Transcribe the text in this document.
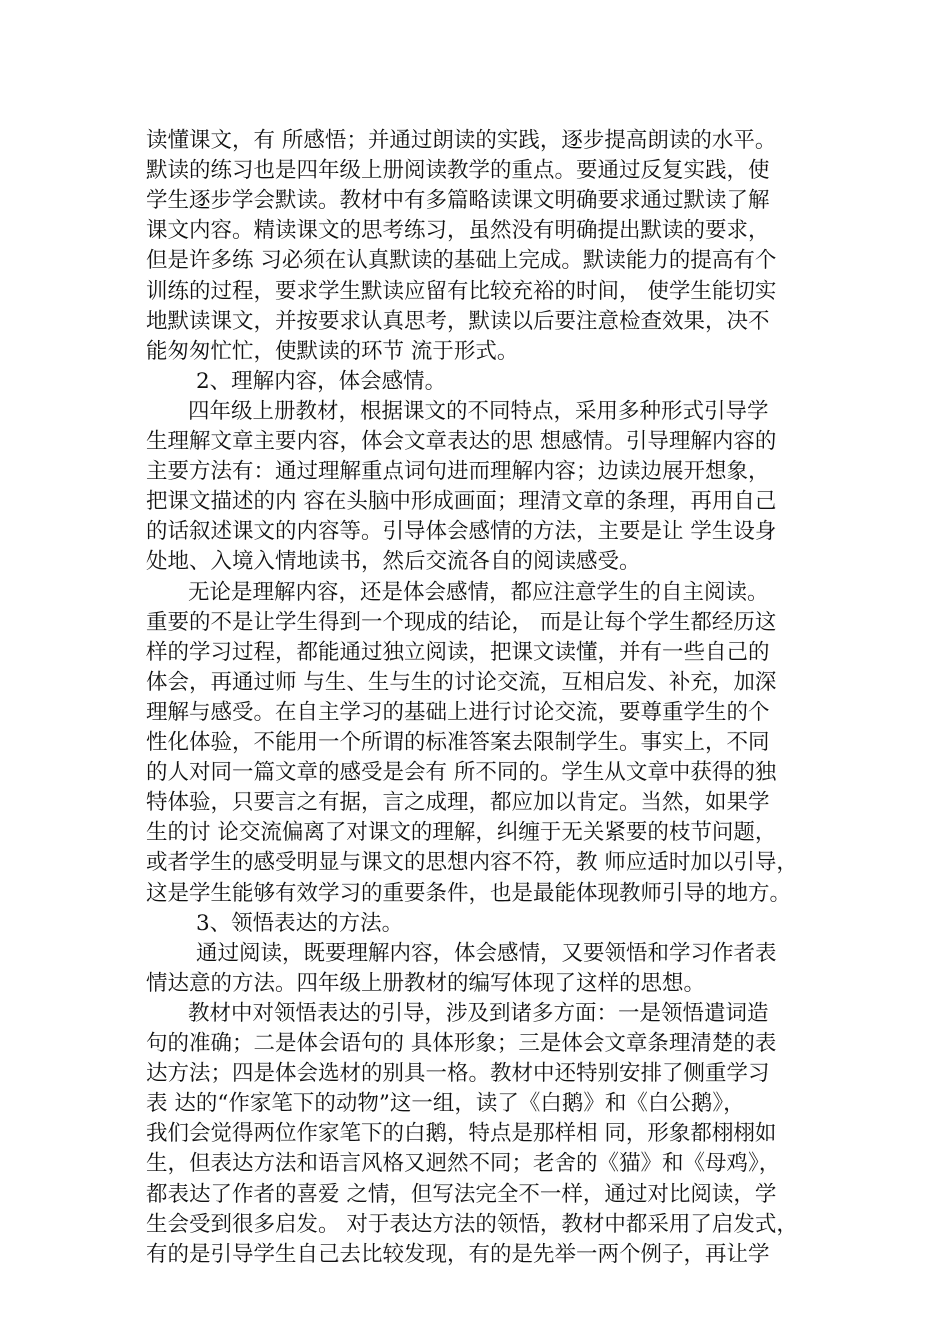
读懂课文，有 所感悟；并通过朗读的实践，逐步提高朗读的水平。
默读的练习也是四年级上册阅读教学的重点。要通过反复实践，使
学生逐步学会默读。教材中有多篇略读课文明确要求通过默读了解
课文内容。精读课文的思考练习，虽然没有明确提出默读的要求，
但是许多练 习必须在认真默读的基础上完成。默读能力的提高有个
训练的过程，要求学生默读应留有比较充裕的时间， 使学生能切实
地默读课文，并按要求认真思考，默读以后要注意检查效果，决不
能匆匆忙忙，使默读的环节 流于形式。
2、理解内容，体会感情。
四年级上册教材，根据课文的不同特点，采用多种形式引导学
生理解文章主要内容，体会文章表达的思 想感情。引导理解内容的
主要方法有：通过理解重点词句进而理解内容；边读边展开想象，
把课文描述的内 容在头脑中形成画面；理清文章的条理，再用自己
的话叙述课文的内容等。引导体会感情的方法，主要是让 学生设身
处地、入境入情地读书，然后交流各自的阅读感受。
无论是理解内容，还是体会感情，都应注意学生的自主阅读。
重要的不是让学生得到一个现成的结论， 而是让每个学生都经历这
样的学习过程，都能通过独立阅读，把课文读懂，并有一些自己的
体会，再通过师 与生、生与生的讨论交流，互相启发、补充，加深
理解与感受。在自主学习的基础上进行讨论交流，要尊重学生的个
性化体验，不能用一个所谓的标准答案去限制学生。事实上，不同
的人对同一篇文章的感受是会有 所不同的。学生从文章中获得的独
特体验，只要言之有据，言之成理，都应加以肯定。当然，如果学
生的讨 论交流偏离了对课文的理解，纠缠于无关紧要的枝节问题，
或者学生的感受明显与课文的思想内容不符，教 师应适时加以引导，
这是学生能够有效学习的重要条件，也是最能体现教师引导的地方。
3、领悟表达的方法。
通过阅读，既要理解内容，体会感情，又要领悟和学习作者表
情达意的方法。四年级上册教材的编写体现了这样的思想。
教材中对领悟表达的引导，涉及到诸多方面：一是领悟遣词造
句的准确；二是体会语句的 具体形象；三是体会文章条理清楚的表
达方法；四是体会选材的别具一格。教材中还特别安排了侧重学习
表 达的“作家笔下的动物”这一组，读了《白鹅》和《白公鹅》，
我们会觉得两位作家笔下的白鹅，特点是那样相 同，形象都栩栩如
生，但表达方法和语言风格又迥然不同；老舍的《猫》和《母鸡》，
都表达了作者的喜爱 之情，但写法完全不一样，通过对比阅读，学
生会受到很多启发。 对于表达方法的领悟，教材中都采用了启发式，
有的是引导学生自己去比较发现，有的是先举一两个例子，再让学
